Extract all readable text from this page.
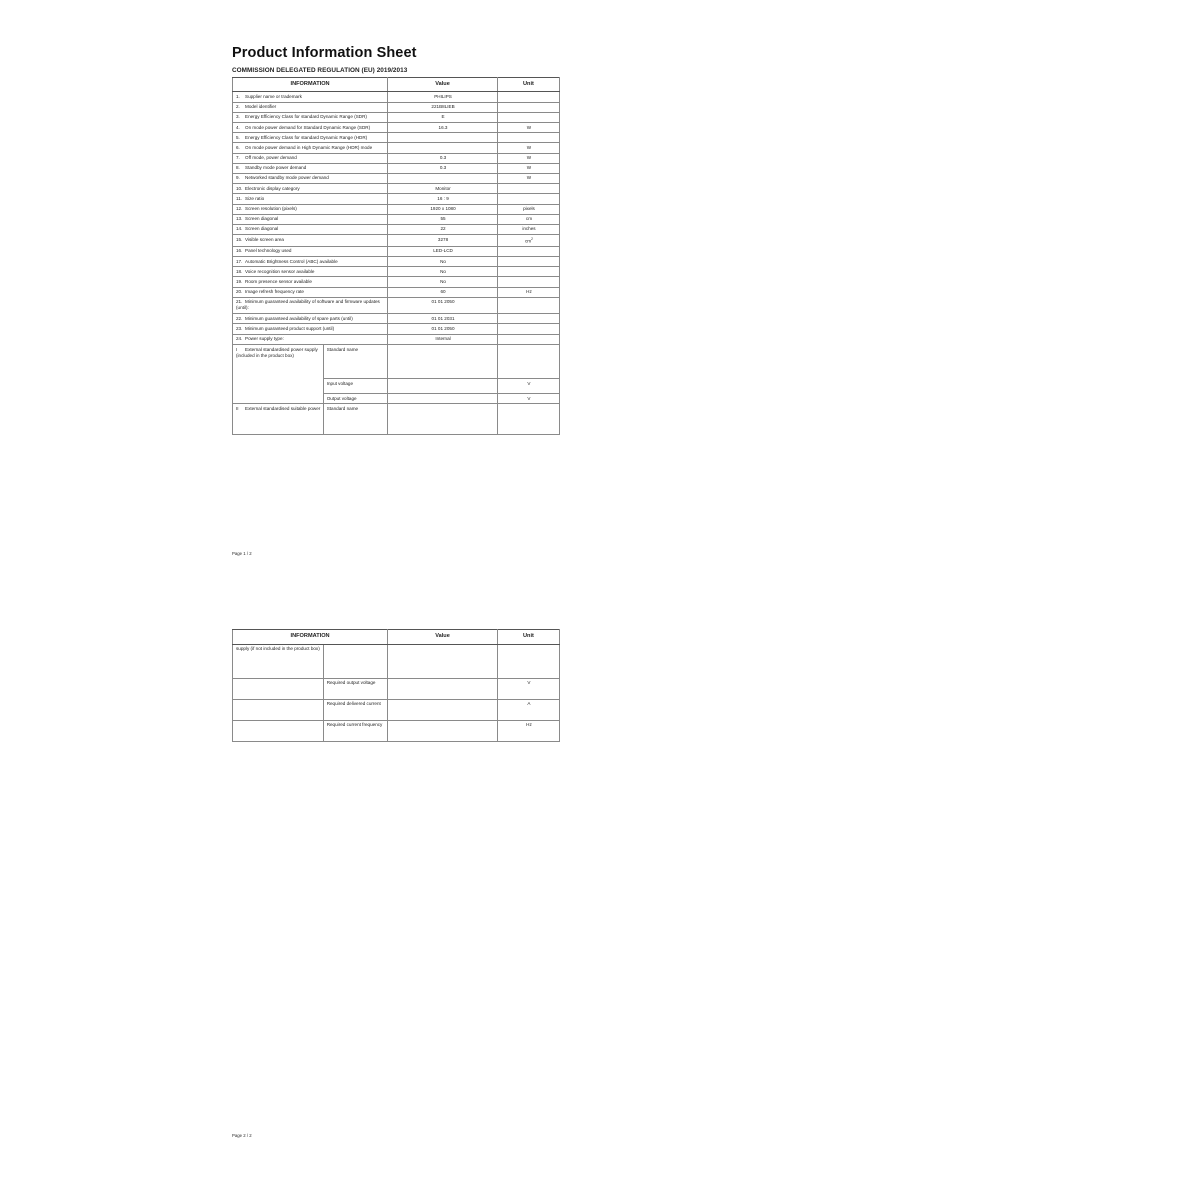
Product Information Sheet
COMMISSION DELEGATED REGULATION (EU) 2019/2013
INFORMATION	Value	Unit
1. Supplier name or trademark	PHILIPS	
2. Model identifier	221B8LIEB	
3. Energy Efficiency Class for standard Dynamic Range (SDR)	E	
4. On mode power demand for Standard Dynamic Range (SDR)	16.3	W
5. Energy Efficiency Class for standard Dynamic Range (HDR)		
6. On mode power demand in High Dynamic Range (HDR) mode		W
7. Off mode, power demand	0.3	W
8. Standby mode power demand	0.3	W
9. Networked standby mode power demand		W
10. Electronic display category	Monitor	
11. Size ratio	16 : 9	
12. Screen resolution (pixels)	1920 x 1080	pixels
13. Screen diagonal	55	cm
14. Screen diagonal	22	inches
15. Visible screen area	3278	$cm^2$
16. Panel technology used	LED-LCD	
17. Automatic Brightness Control (ABC) available	No	
18. Voice recognition sensor available	No	
19. Room presence sensor available	No	
20. Image refresh frequency rate	60	Hz
21. Minimum guaranteed availability of software and firmware updates (until):	01 01 2050	
22. Minimum guaranteed availability of spare parts (until)	01 01 2031	
23. Minimum guaranteed product support (until)	01 01 2050	
24. Power supply type:	Internal	
I External standardised power supply (included in the product box)	Standard name		
	Input voltage		V
	Output voltage		V
II External standardised suitable power	Standard name		
Page 1 / 2
INFORMATION		Value	Unit
supply (if not included in the product box)			
	Required output voltage		V
	Required delivered current		A
	Required current frequency		Hz
Page 2 / 2
